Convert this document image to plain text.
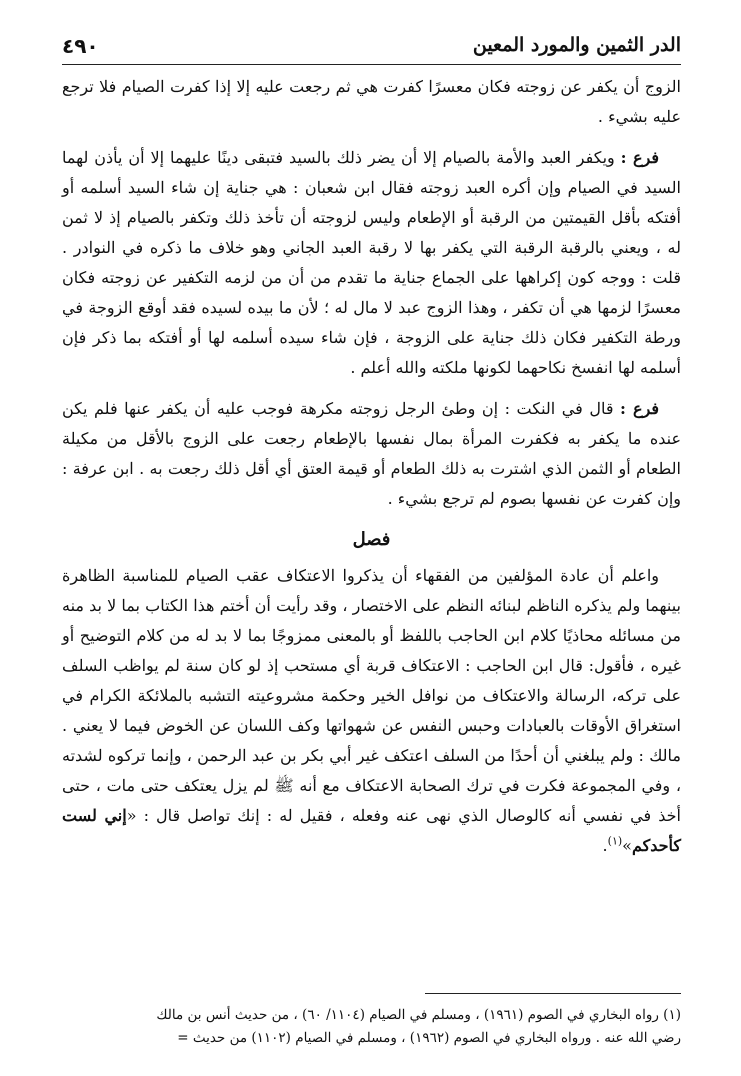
الدر الثمين والمورد المعين
٤٩٠

الزوج أن يكفر عن زوجته فكان معسرًا كفرت هي ثم رجعت عليه إلا إذا كفرت الصيام فلا ترجع عليه بشيء .

فرع : ويكفر العبد والأمة بالصيام إلا أن يضر ذلك بالسيد فتبقى دينًا عليهما إلا أن يأذن لهما السيد في الصيام وإن أكره العبد زوجته فقال ابن شعبان : هي جناية إن شاء السيد أسلمه أو أفتكه بأقل القيمتين من الرقبة أو الإطعام وليس لزوجته أن تأخذ ذلك وتكفر بالصيام إذ لا ثمن له ، ويعني بالرقبة الرقبة التي يكفر بها لا رقبة العبد الجاني وهو خلاف ما ذكره في النوادر . قلت : ووجه كون إكراهها على الجماع جناية ما تقدم من أن من لزمه التكفير عن زوجته فكان معسرًا لزمها هي أن تكفر ، وهذا الزوج عبد لا مال له ؛ لأن ما بيده لسيده فقد أوقع الزوجة في ورطة التكفير فكان ذلك جناية على الزوجة ، فإن شاء سيده أسلمه لها أو أفتكه بما ذكر فإن أسلمه لها انفسخ نكاحهما لكونها ملكته والله أعلم .

فرع : قال في النكت : إن وطئ الرجل زوجته مكرهة فوجب عليه أن يكفر عنها فلم يكن عنده ما يكفر به فكفرت المرأة بمال نفسها بالإطعام رجعت على الزوج بالأقل من مكيلة الطعام أو الثمن الذي اشترت به ذلك الطعام أو قيمة العتق أي أقل ذلك رجعت به . ابن عرفة : وإن كفرت عن نفسها بصوم لم ترجع بشيء .

فصل

واعلم أن عادة المؤلفين من الفقهاء أن يذكروا الاعتكاف عقب الصيام للمناسبة الظاهرة بينهما ولم يذكره الناظم لبنائه النظم على الاختصار ، وقد رأيت أن أختم هذا الكتاب بما لا بد منه من مسائله محاذيًا كلام ابن الحاجب باللفظ أو بالمعنى ممزوجًا بما لا بد له من كلام التوضيح أو غيره ، فأقول: قال ابن الحاجب : الاعتكاف قربة أي مستحب إذ لو كان سنة لم يواظب السلف على تركه، الرسالة والاعتكاف من نوافل الخير وحكمة مشروعيته التشبه بالملائكة الكرام في استغراق الأوقات بالعبادات وحبس النفس عن شهواتها وكف اللسان عن الخوض فيما لا يعني . مالك : ولم يبلغني أن أحدًا من السلف اعتكف غير أبي بكر بن عبد الرحمن ، وإنما تركوه لشدته ، وفي المجموعة فكرت في ترك الصحابة الاعتكاف مع أنه ﷺ لم يزل يعتكف حتى مات ، حتى أخذ في نفسي أنه كالوصال الذي نهى عنه وفعله ، فقيل له : إنك تواصل قال : «إني لست كأحدكم»$^{(١)}$.

(١) رواه البخاري في الصوم (١٩٦١) ، ومسلم في الصيام (١١٠٤/ ٦٠) ، من حديث أنس بن مالك

رضي الله عنه . ورواه البخاري في الصوم (١٩٦٢) ، ومسلم في الصيام (١١٠٢) من حديث =
